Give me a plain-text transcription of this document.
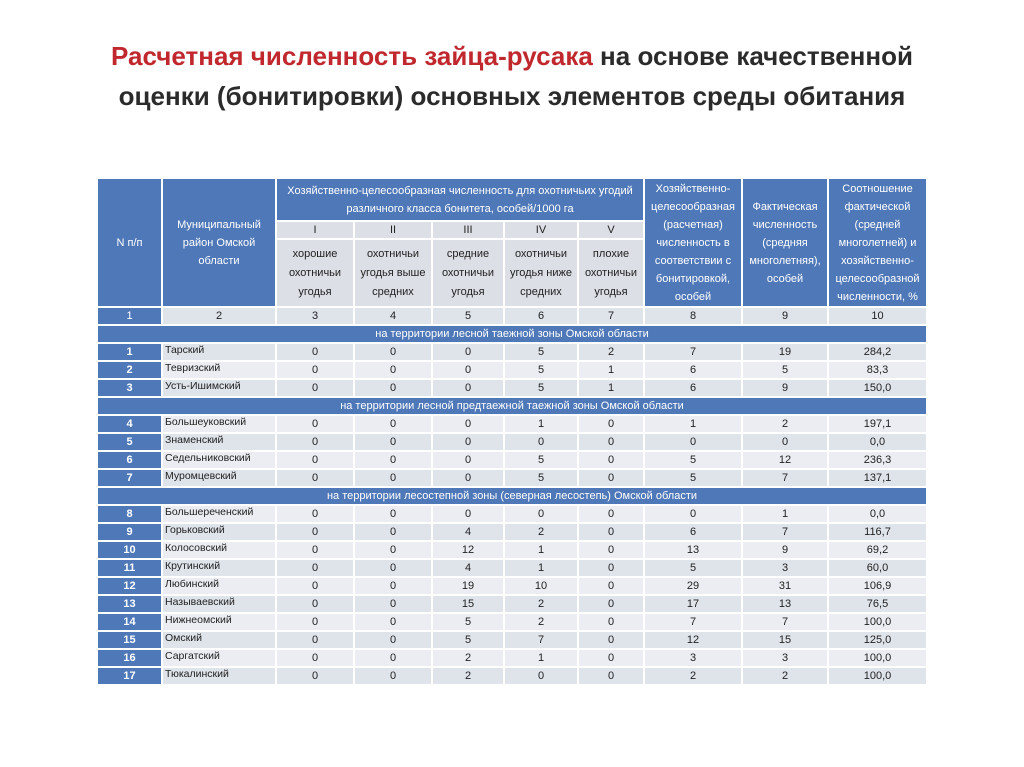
Расчетная численность зайца-русака на основе качественной
оценки (бонитировки) основных элементов среды обитания
N п/п	Муниципальный район Омской области	Хозяйственно-целесообразная численность для охотничьих угодий различного класса бонитета, особей/1000 га					Хозяйственно-целесообразная (расчетная) численность в соответствии с бонитировкой, особей	Фактическая численность (средняя многолетняя), особей	Соотношение фактической (средней многолетней) и хозяйственно-целесообразной численности, %
		I	II	III	IV	V			
		хорошие охотничьи угодья	охотничьи угодья выше средних	средние охотничьи угодья	охотничьи угодья ниже средних	плохие охотничьи угодья			
1	2	3	4	5	6	7	8	9	10
на территории лесной таежной зоны Омской области									
1	Тарский	0	0	0	5	2	7	19	284,2
2	Тевризский	0	0	0	5	1	6	5	83,3
3	Усть-Ишимский	0	0	0	5	1	6	9	150,0
на территории лесной предтаежной таежной зоны Омской области									
4	Большеуковский	0	0	0	1	0	1	2	197,1
5	Знаменский	0	0	0	0	0	0	0	0,0
6	Седельниковский	0	0	0	5	0	5	12	236,3
7	Муромцевский	0	0	0	5	0	5	7	137,1
на территории лесостепной зоны (северная лесостепь) Омской области									
8	Большереченский	0	0	0	0	0	0	1	0,0
9	Горьковский	0	0	4	2	0	6	7	116,7
10	Колосовский	0	0	12	1	0	13	9	69,2
11	Крутинский	0	0	4	1	0	5	3	60,0
12	Любинский	0	0	19	10	0	29	31	106,9
13	Называевский	0	0	15	2	0	17	13	76,5
14	Нижнеомский	0	0	5	2	0	7	7	100,0
15	Омский	0	0	5	7	0	12	15	125,0
16	Саргатский	0	0	2	1	0	3	3	100,0
17	Тюкалинский	0	0	2	0	0	2	2	100,0
